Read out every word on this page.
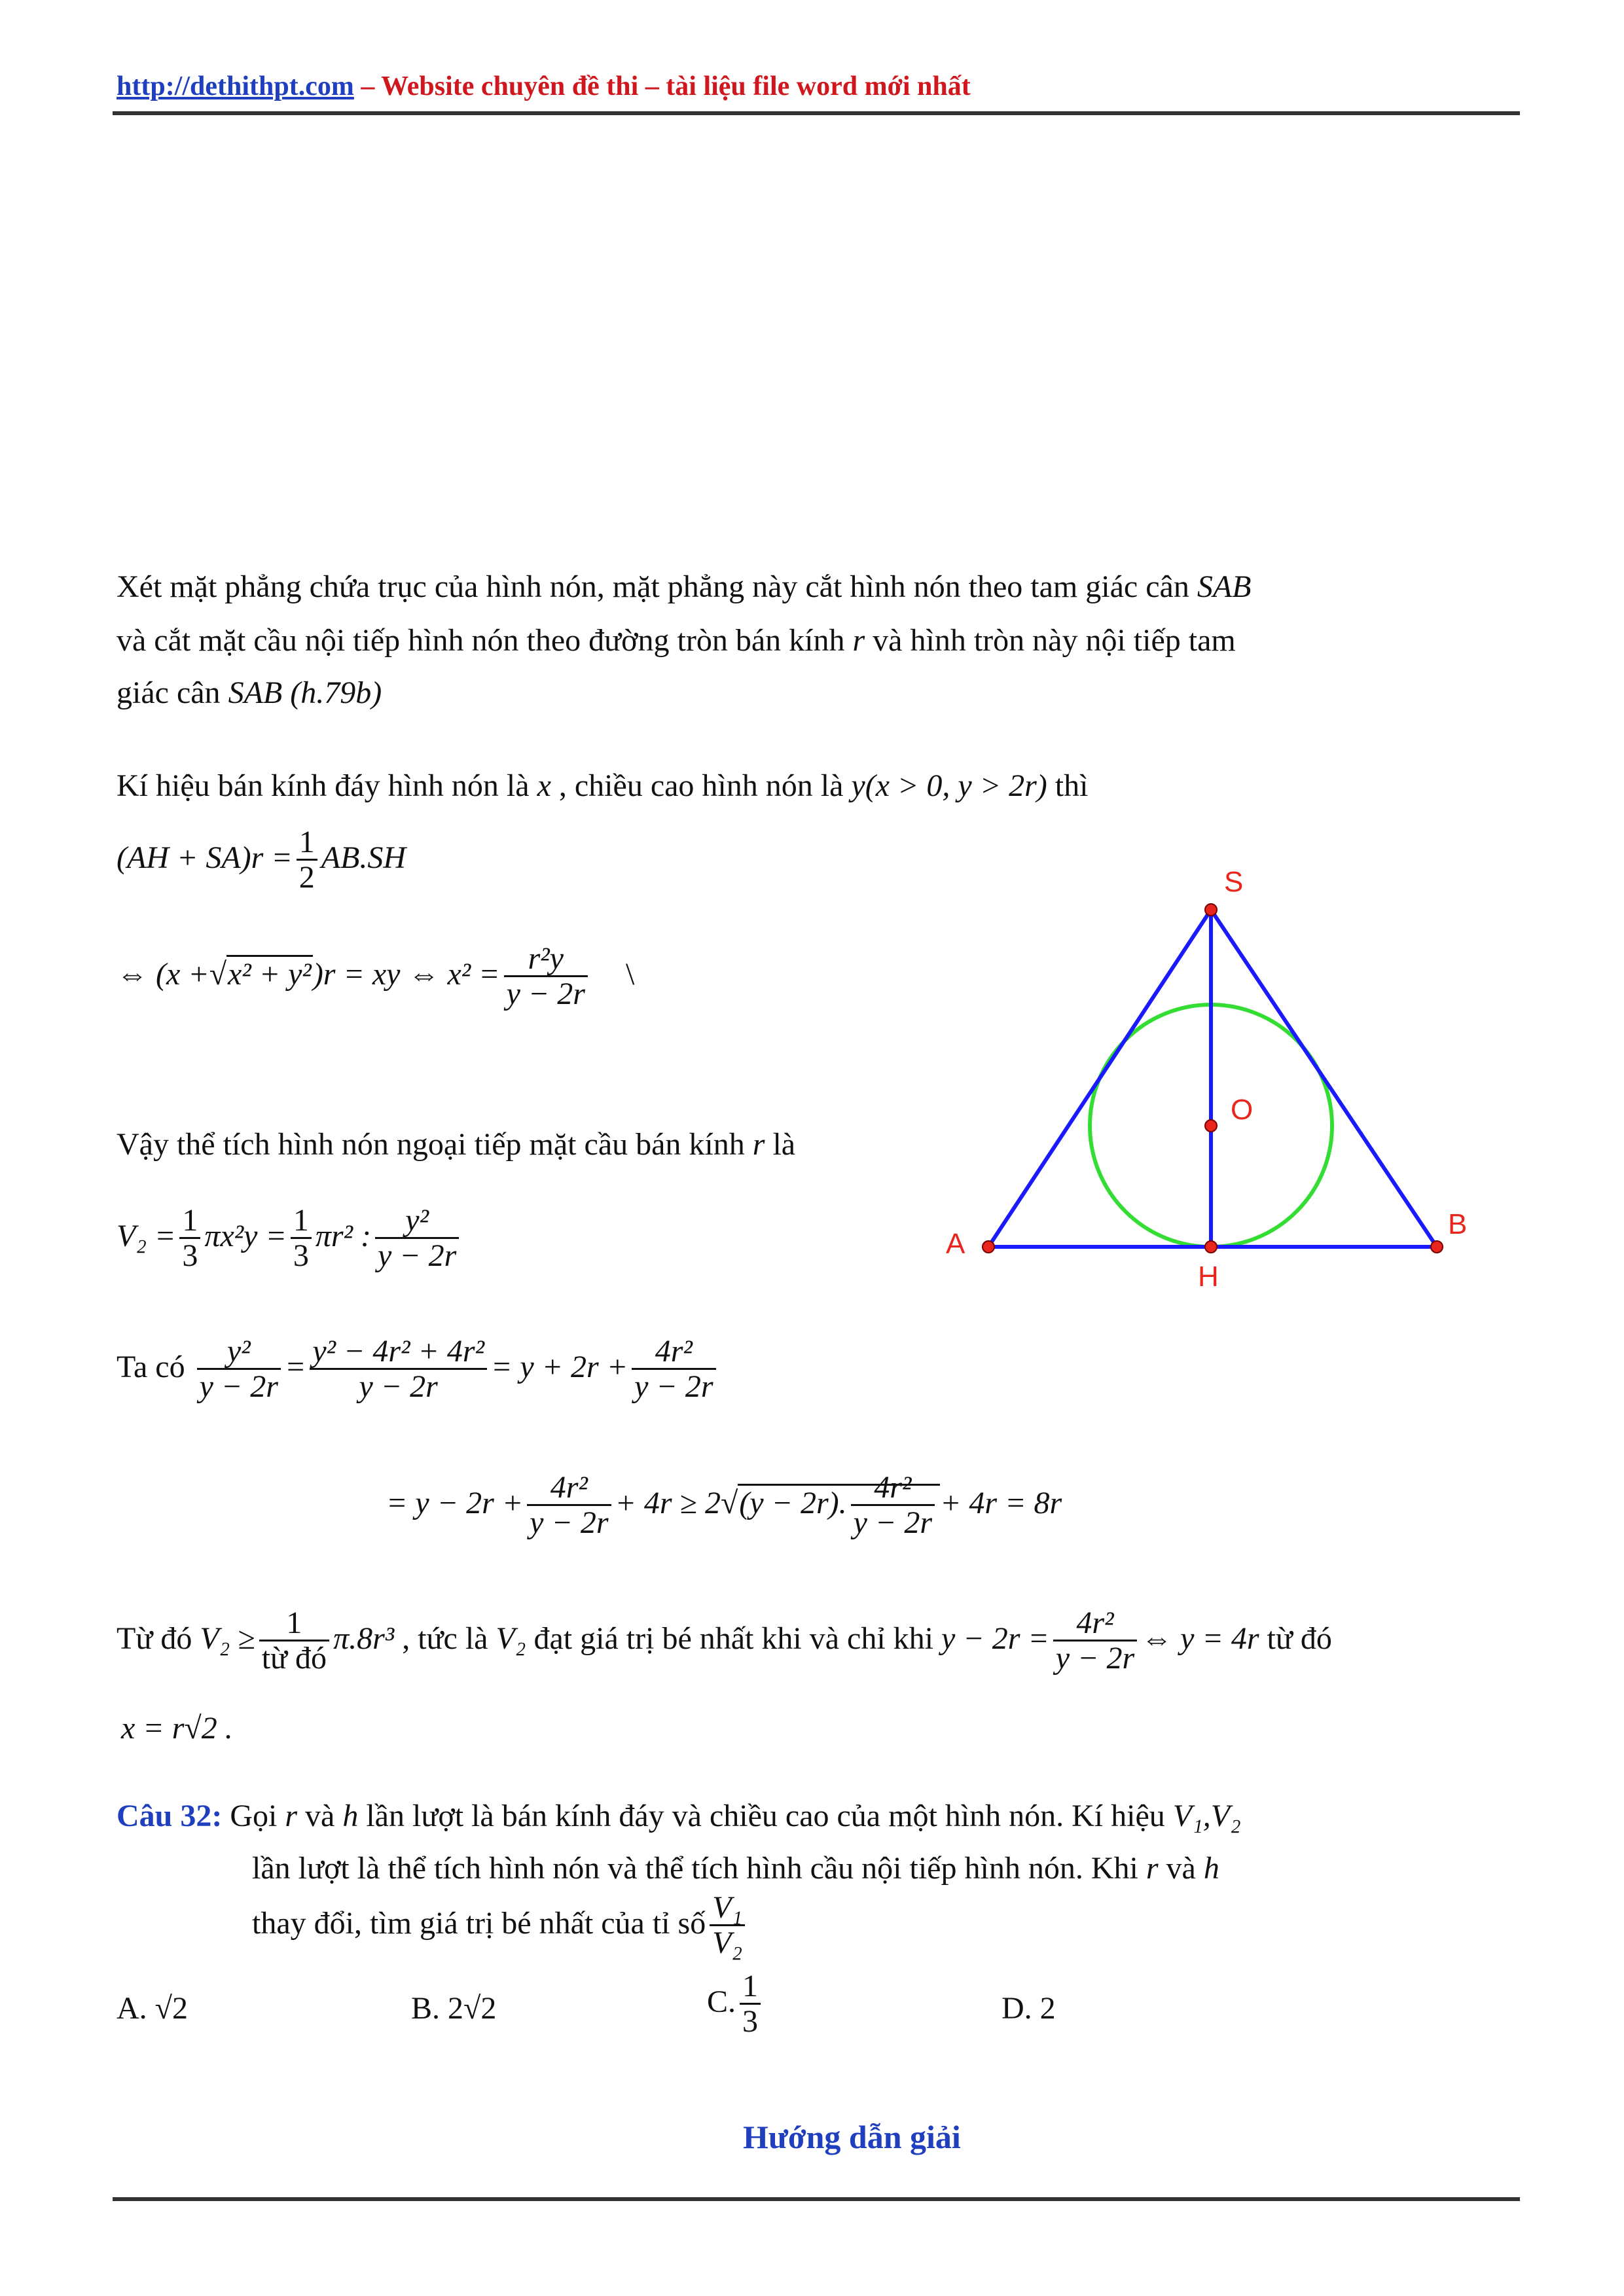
http://dethithpt.com – Website chuyên đề thi – tài liệu file word mới nhất
Xét mặt phẳng chứa trục của hình nón, mặt phẳng này cắt hình nón theo tam giác cân SAB
và cắt mặt cầu nội tiếp hình nón theo đường tròn bán kính r và hình tròn này nội tiếp tam
giác cân SAB (h.79b)
Kí hiệu bán kính đáy hình nón là x , chiều cao hình nón là y(x > 0, y > 2r) thì
$(AH + SA)r = \frac{1}{2} AB.SH$
⇔ (x +√x² + y²)r = xy ⇔ $x^2 = \frac{\text{r²y}}{y - 2r}$ \
Vậy thể tích hình nón ngoại tiếp mặt cầu bán kính r là
$V_2 = \frac{1}{3} \pi x^2y = \frac{1}{3} \pi r^2$ : $\frac{\text{y²}}{y - 2r}$
Ta có $\frac{\text{y²}}{y - 2r} = \frac{\text{y² − 4r² + 4r²}}{y - 2r} = y + 2r + \frac{\text{4r²}}{y - 2r}$
= $y - 2r + \frac{\text{4r²}}{y - 2r} + 4r \ge 2√(y - 2r)$. $\frac{\text{4r²}}{y - 2r} + 4r = 8r$
Từ đó $V_2 \ge \frac{1}{\text{từ đó}} \pi.8r^3$ , tức là V₂ đạt giá trị bé nhất khi và chỉ khi $y - 2r = \frac{\text{4r²}}{y - 2r}$ ⇔ y = 4r từ đó
x = r√2 .
Câu 32: Gọi r và h lần lượt là bán kính đáy và chiều cao của một hình nón. Kí hiệu V₁,V₂
lần lượt là thể tích hình nón và thể tích hình cầu nội tiếp hình nón. Khi r và h
thay đổi, tìm giá trị bé nhất của tỉ số $\frac{\text{V₁}}{\text{V₂}}$
A. √2	B. 2√2	C. $\frac{1}{3}$	D. 2
Hướng dẫn giải
S
O
A
B
H
